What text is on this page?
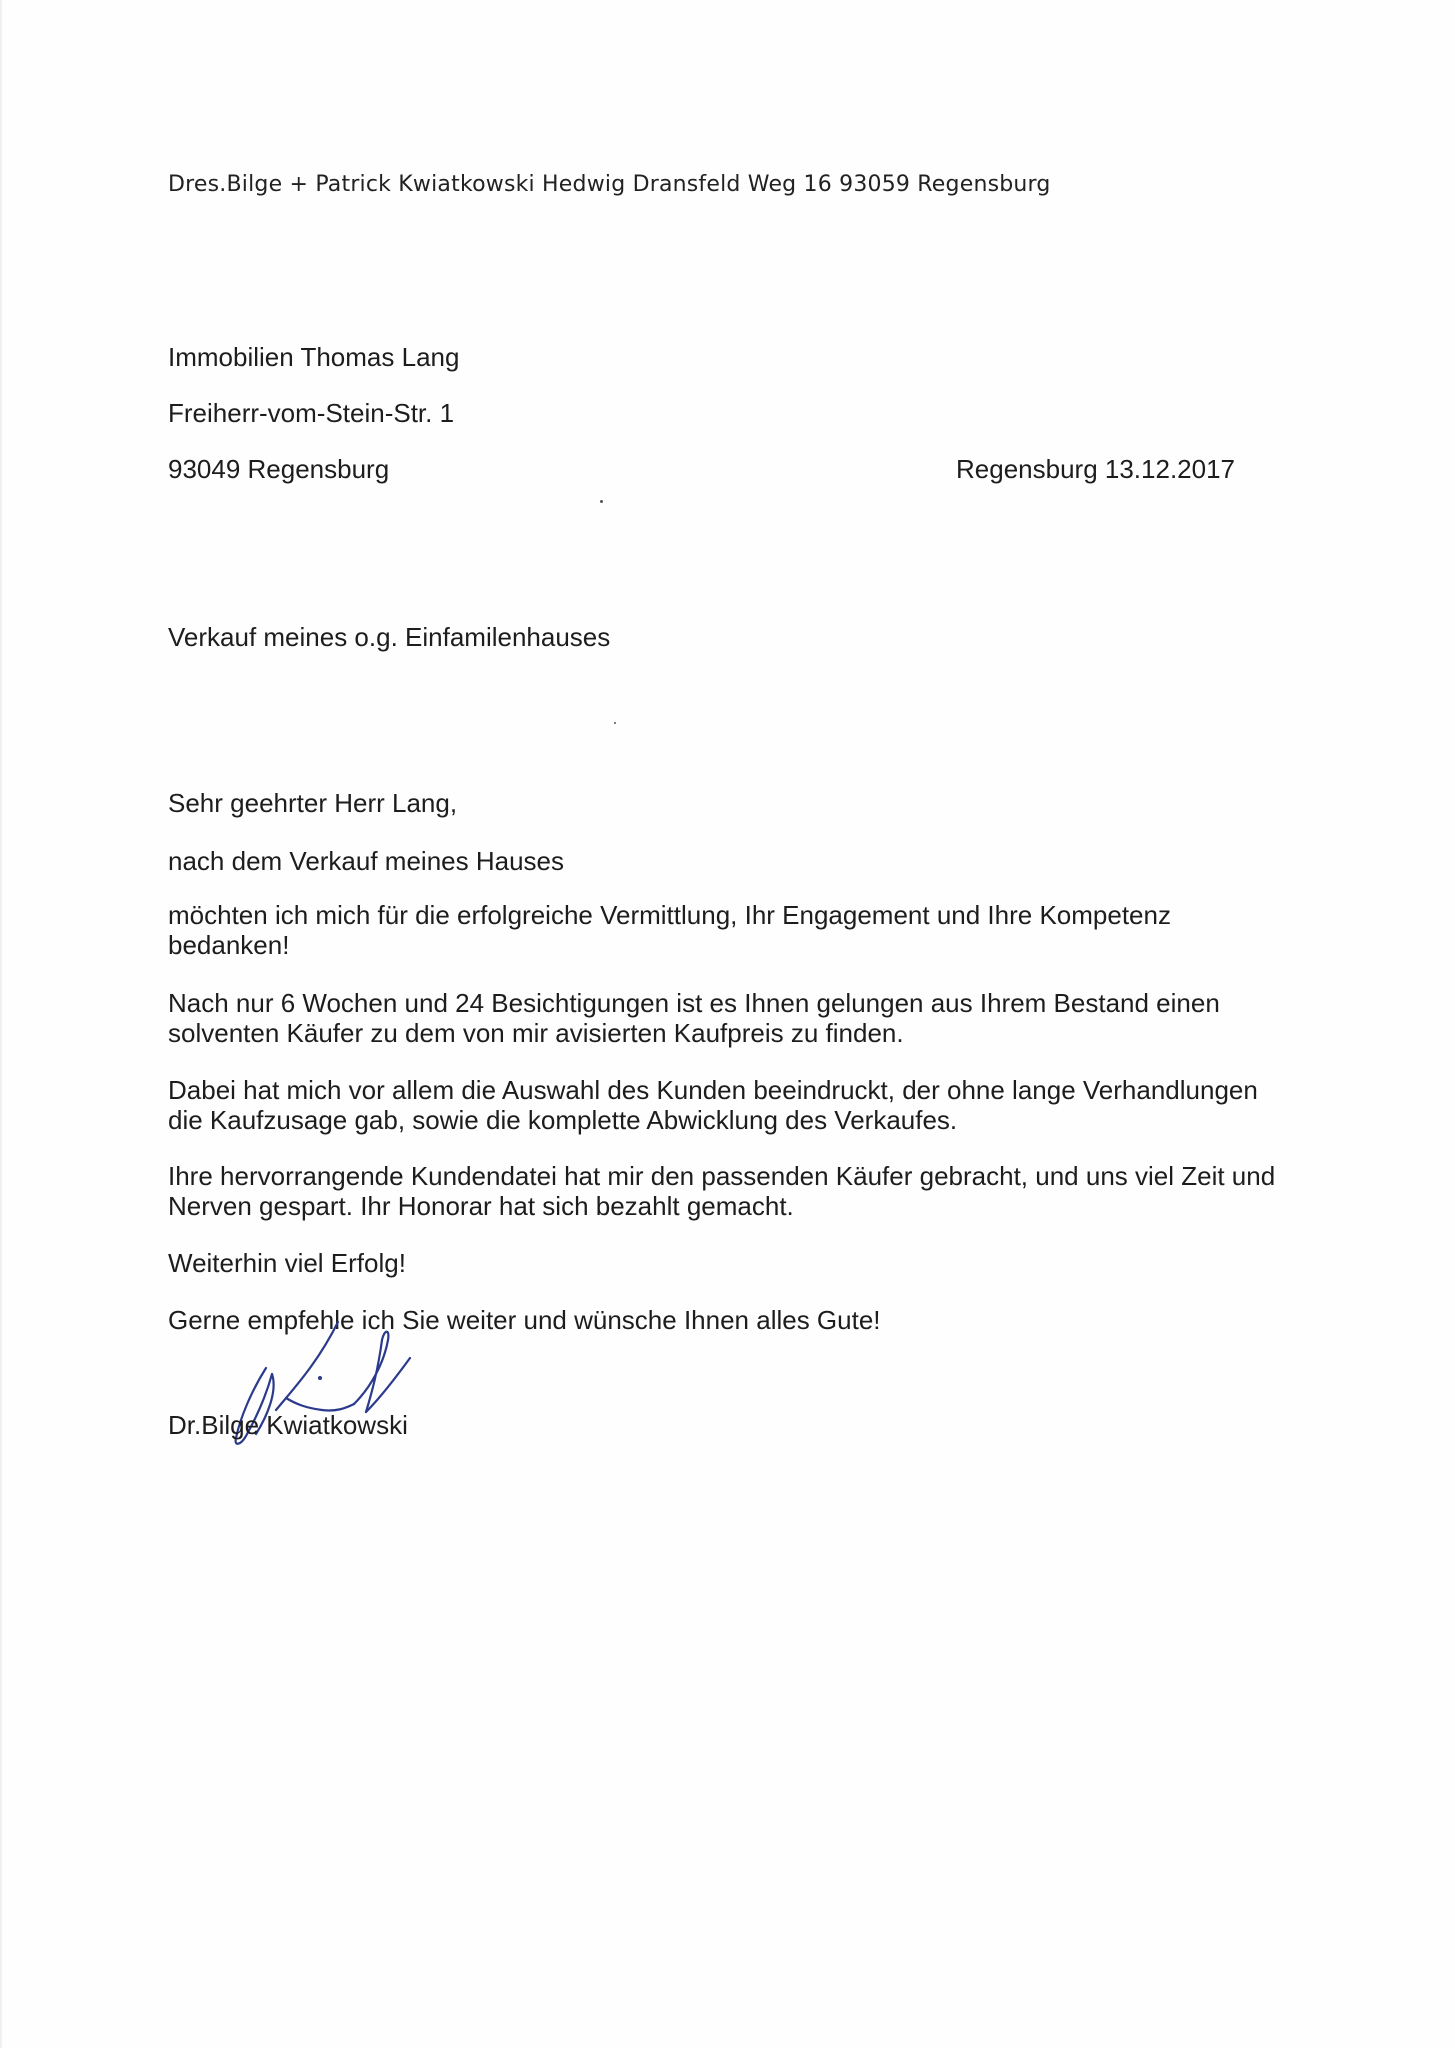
Dres.Bilge + Patrick Kwiatkowski Hedwig Dransfeld Weg 16 93059 Regensburg
Immobilien Thomas Lang
Freiherr-vom-Stein-Str. 1
93049 Regensburg	Regensburg 13.12.2017
Verkauf meines o.g. Einfamilenhauses
Sehr geehrter Herr Lang,
nach dem Verkauf meines Hauses
möchten ich mich für die erfolgreiche Vermittlung, Ihr Engagement und Ihre Kompetenz bedanken!
Nach nur 6 Wochen und 24 Besichtigungen ist es Ihnen gelungen aus Ihrem Bestand einen solventen Käufer zu dem von mir avisierten Kaufpreis zu finden.
Dabei hat mich vor allem die Auswahl des Kunden beeindruckt, der ohne lange Verhandlungen die Kaufzusage gab, sowie die komplette Abwicklung des Verkaufes.
Ihre hervorrangende Kundendatei hat mir den passenden Käufer gebracht, und uns viel Zeit und Nerven gespart. Ihr Honorar hat sich bezahlt gemacht.
Weiterhin viel Erfolg!
Gerne empfehle ich Sie weiter und wünsche Ihnen alles Gute!
Dr.Bilge Kwiatkowski
